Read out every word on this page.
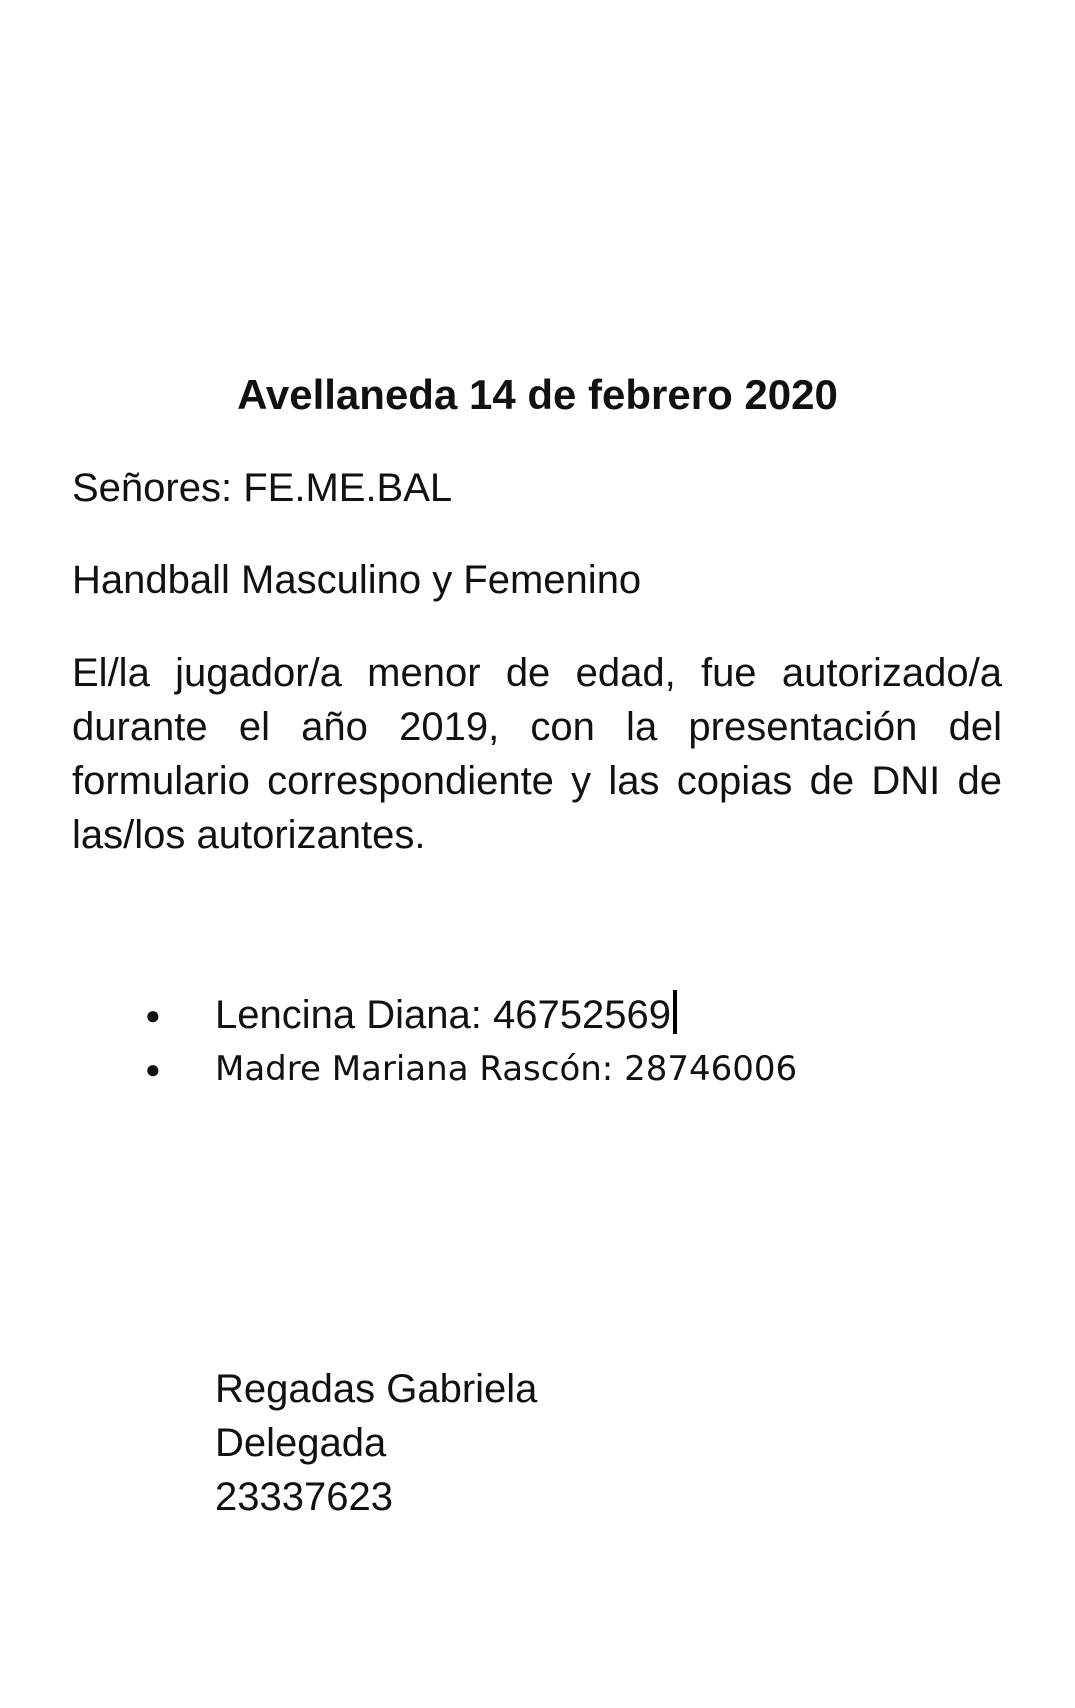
Avellaneda 14 de febrero 2020

Señores: FE.ME.BAL

Handball Masculino y Femenino

El/la jugador/a menor de edad, fue autorizado/a durante el año 2019, con la presentación del formulario correspondiente y las copias de DNI de las/los autorizantes.

● Lencina Diana: 46752569
● Madre Mariana Rascón: 28746006
Regadas Gabriela
Delegada
23337623
